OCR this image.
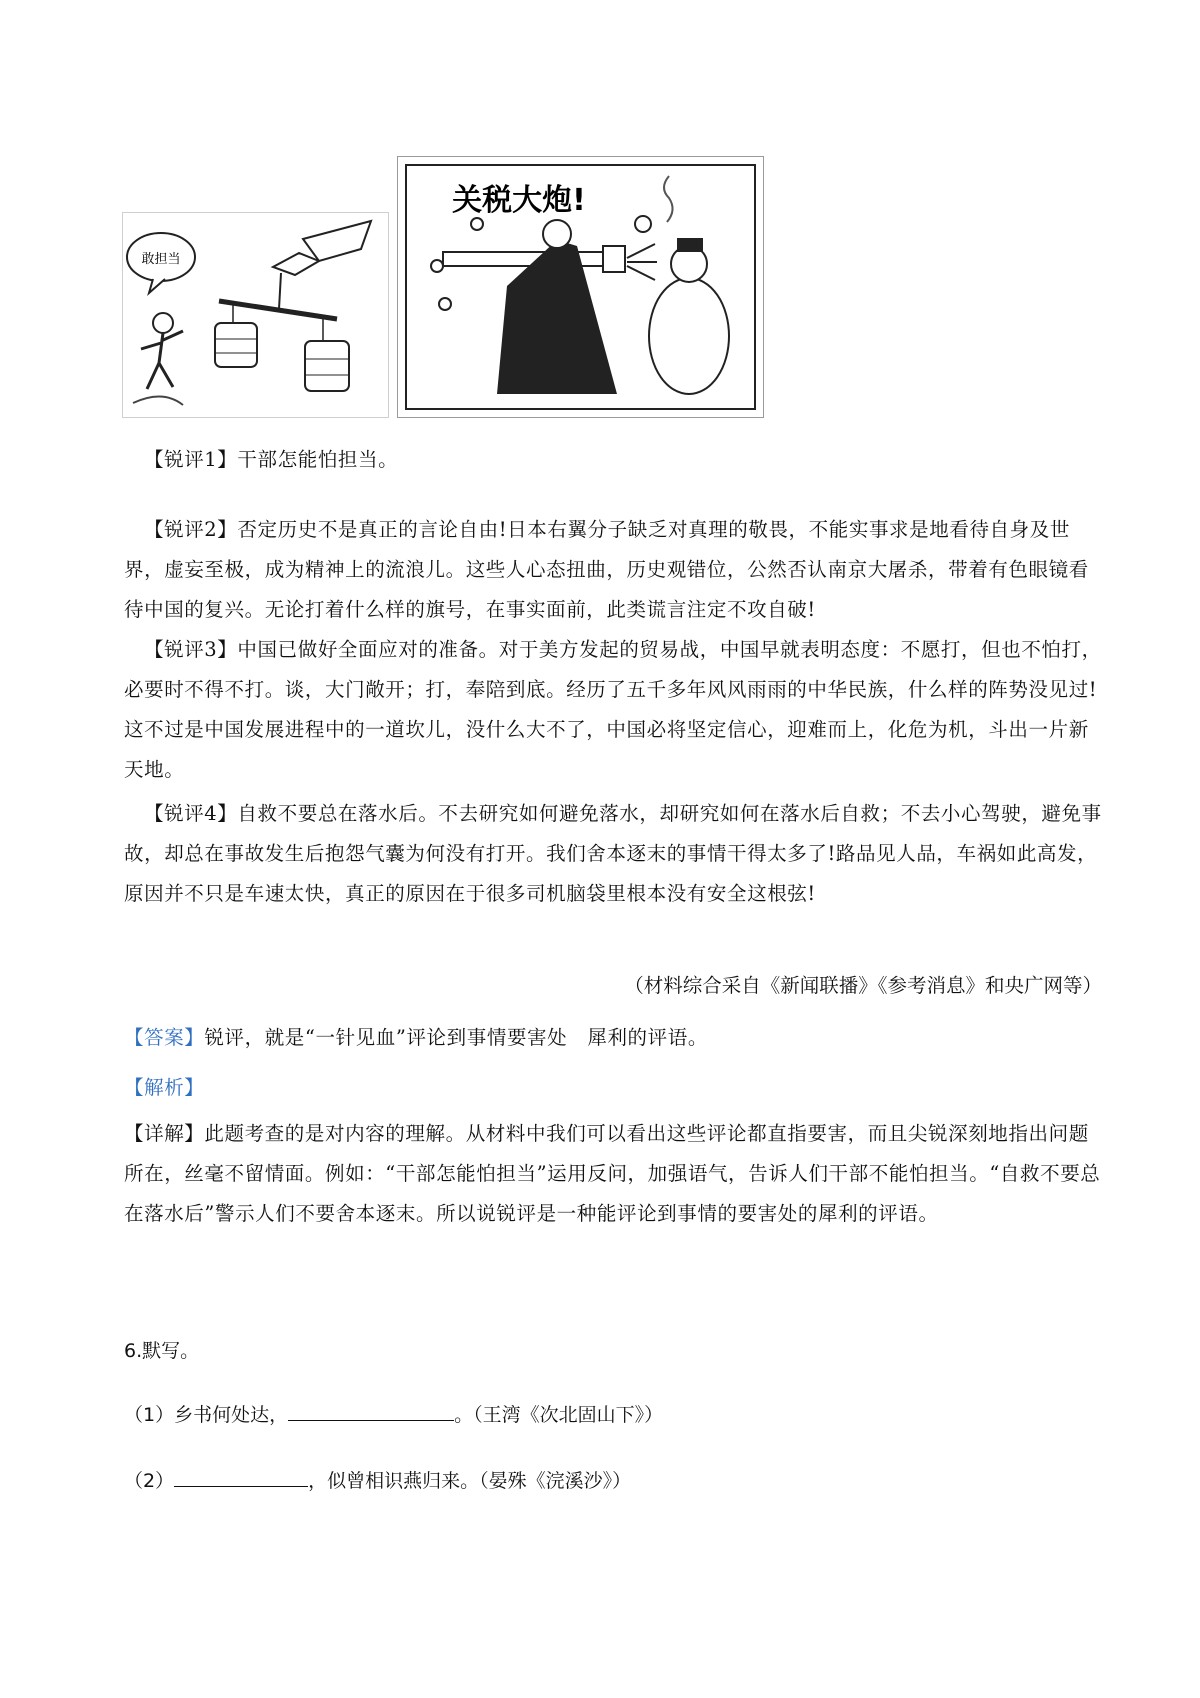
敢担当
关税大炮!
【锐评1】干部怎能怕担当。
【锐评2】否定历史不是真正的言论自由!日本右翼分子缺乏对真理的敬畏，不能实事求是地看待自身及世界，虚妄至极，成为精神上的流浪儿。这些人心态扭曲，历史观错位，公然否认南京大屠杀，带着有色眼镜看待中国的复兴。无论打着什么样的旗号，在事实面前，此类谎言注定不攻自破!
【锐评3】中国已做好全面应对的准备。对于美方发起的贸易战，中国早就表明态度：不愿打，但也不怕打，必要时不得不打。谈，大门敞开；打，奉陪到底。经历了五千多年风风雨雨的中华民族，什么样的阵势没见过!这不过是中国发展进程中的一道坎儿，没什么大不了，中国必将坚定信心，迎难而上，化危为机，斗出一片新天地。
【锐评4】自救不要总在落水后。不去研究如何避免落水，却研究如何在落水后自救；不去小心驾驶，避免事故，却总在事故发生后抱怨气囊为何没有打开。我们舍本逐末的事情干得太多了!路品见人品，车祸如此高发，原因并不只是车速太快，真正的原因在于很多司机脑袋里根本没有安全这根弦!
（材料综合采自《新闻联播》《参考消息》和央广网等）
【答案】锐评，就是“一针见血”评论到事情要害处　犀利的评语。
【解析】
【详解】此题考查的是对内容的理解。从材料中我们可以看出这些评论都直指要害，而且尖锐深刻地指出问题所在，丝毫不留情面。例如：“干部怎能怕担当”运用反问，加强语气，告诉人们干部不能怕担当。“自救不要总在落水后”警示人们不要舍本逐末。所以说锐评是一种能评论到事情的要害处的犀利的评语。
6.默写。
（1）乡书何处达，	。（王湾《次北固山下》）
（2）	，似曾相识燕归来。（晏殊《浣溪沙》）
